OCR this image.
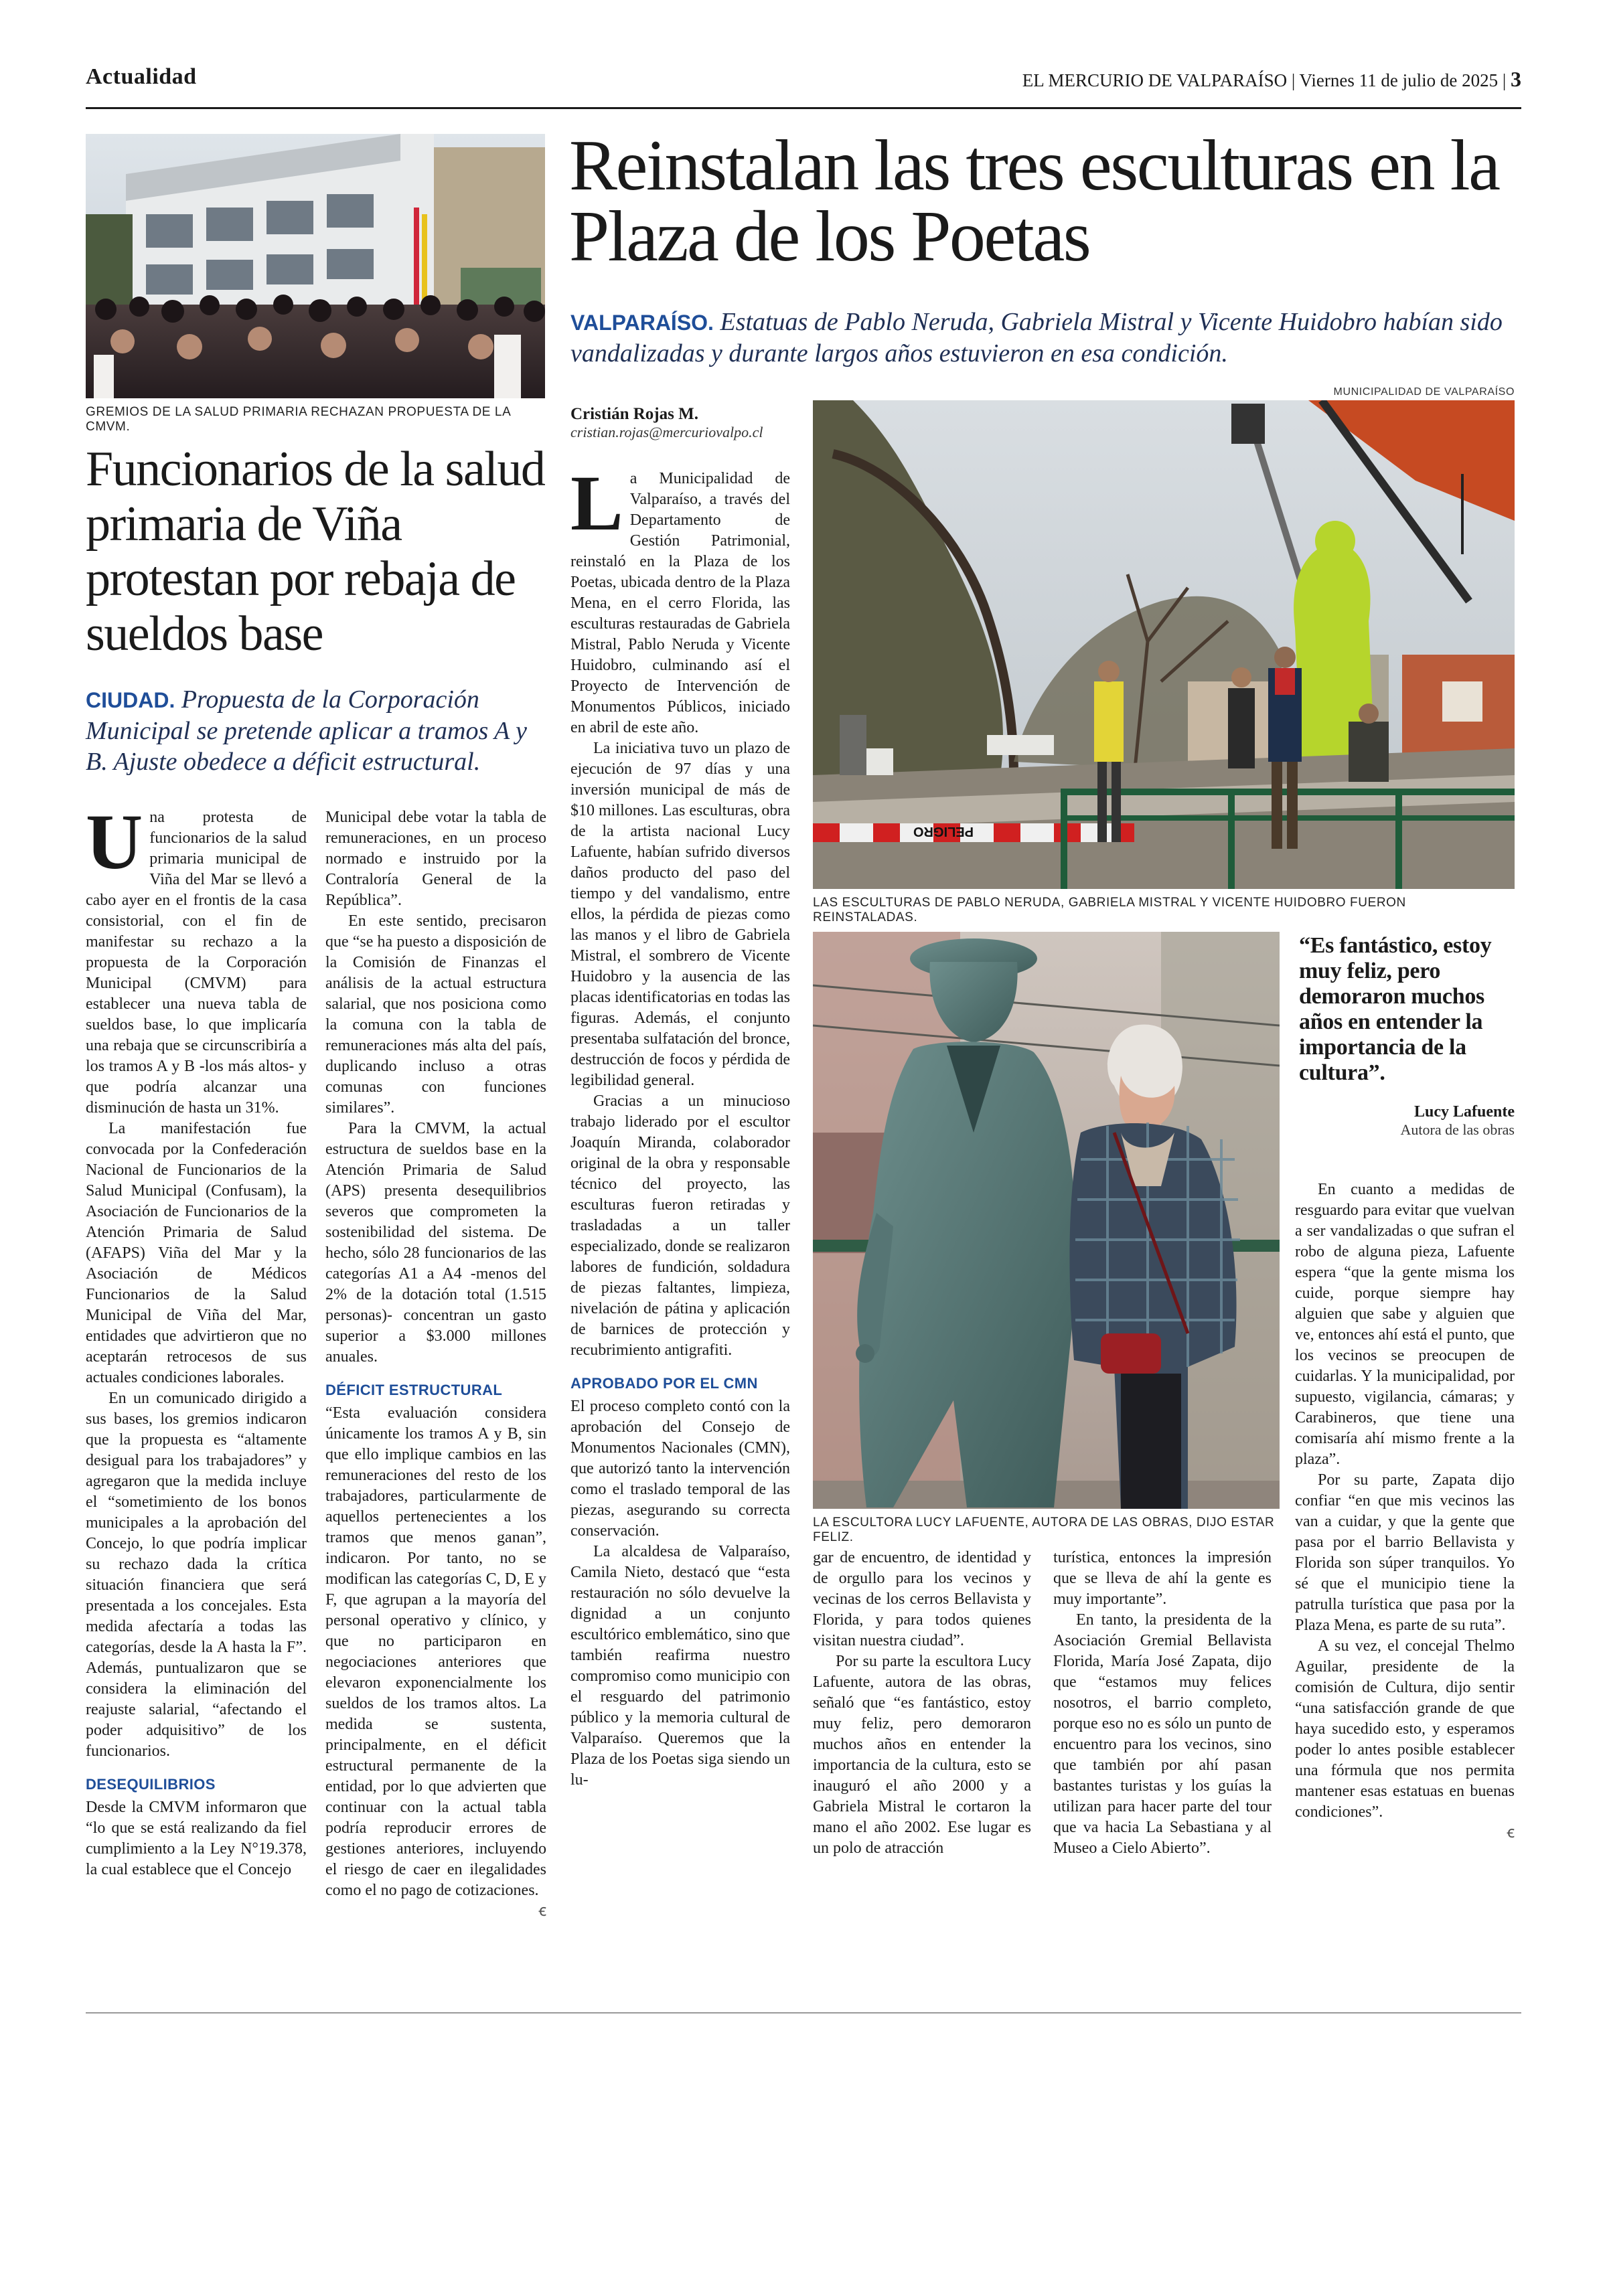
Actualidad	EL MERCURIO DE VALPARAÍSO | Viernes 11 de julio de 2025 | 3
GREMIOS DE LA SALUD PRIMARIA RECHAZAN PROPUESTA DE LA CMVM.
Funcionarios de la salud primaria de Viña protestan por rebaja de sueldos base
CIUDAD. Propuesta de la Corporación Municipal se pretende aplicar a tramos A y B. Ajuste obedece a déficit estructural.

Una protesta de funcionarios de la salud primaria municipal de Viña del Mar se llevó a cabo ayer en el frontis de la casa consistorial, con el fin de manifestar su rechazo a la propuesta de la Corporación Municipal (CMVM) para establecer una nueva tabla de sueldos base, lo que implicaría una rebaja que se circunscribiría a los tramos A y B -los más altos- y que podría alcanzar una disminución de hasta un 31%.

La manifestación fue convocada por la Confederación Nacional de Funcionarios de la Salud Municipal (Confusam), la Asociación de Funcionarios de la Atención Primaria de Salud (AFAPS) Viña del Mar y la Asociación de Médicos Funcionarios de la Salud Municipal de Viña del Mar, entidades que advirtieron que no aceptarán retrocesos de sus actuales condiciones laborales.

En un comunicado dirigido a sus bases, los gremios indicaron que la propuesta es “altamente desigual para los trabajadores” y agregaron que la medida incluye el “sometimiento de los bonos municipales a la aprobación del Concejo, lo que podría implicar su rechazo dada la crítica situación financiera que será presentada a los concejales. Esta medida afectaría a todas las categorías, desde la A hasta la F”. Además, puntualizaron que se considera la eliminación del reajuste salarial, “afectando el poder adquisitivo” de los funcionarios.

DESEQUILIBRIOS

Desde la CMVM informaron que “lo que se está realizando da fiel cumplimiento a la Ley N°19.378, la cual establece que el Concejo

Municipal debe votar la tabla de remuneraciones, en un proceso normado e instruido por la Contraloría General de la República”.

En este sentido, precisaron que “se ha puesto a disposición de la Comisión de Finanzas el análisis de la actual estructura salarial, que nos posiciona como la comuna con la tabla de remuneraciones más alta del país, duplicando incluso a otras comunas con funciones similares”.

Para la CMVM, la actual estructura de sueldos base en la Atención Primaria de Salud (APS) presenta desequilibrios severos que comprometen la sostenibilidad del sistema. De hecho, sólo 28 funcionarios de las categorías A1 a A4 -menos del 2% de la dotación total (1.515 personas)- concentran un gasto superior a $3.000 millones anuales.

DÉFICIT ESTRUCTURAL

“Esta evaluación considera únicamente los tramos A y B, sin que ello implique cambios en las remuneraciones del resto de los trabajadores, particularmente de aquellos pertenecientes a los tramos que menos ganan”, indicaron. Por tanto, no se modifican las categorías C, D, E y F, que agrupan a la mayoría del personal operativo y clínico, y que no participaron en negociaciones anteriores que elevaron exponencialmente los sueldos de los tramos altos. La medida se sustenta, principalmente, en el déficit estructural permanente de la entidad, por lo que advierten que continuar con la actual tabla podría reproducir errores de gestiones anteriores, incluyendo el riesgo de caer en ilegalidades como el no pago de cotizaciones.

ꞓ
Reinstalan las tres esculturas en la Plaza de los Poetas
VALPARAÍSO. Estatuas de Pablo Neruda, Gabriela Mistral y Vicente Huidobro habían sido vandalizadas y durante largos años estuvieron en esa condición.
Cristián Rojas M.
cristian.rojas@mercuriovalpo.cl
MUNICIPALIDAD DE VALPARAÍSO
PELIGRO
LAS ESCULTURAS DE PABLO NERUDA, GABRIELA MISTRAL Y VICENTE HUIDOBRO FUERON REINSTALADAS.
LA ESCULTORA LUCY LAFUENTE, AUTORA DE LAS OBRAS, DIJO ESTAR FELIZ.
“Es fantástico, estoy muy feliz, pero demoraron muchos años en entender la importancia de la cultura”.
Lucy Lafuente
Autora de las obras

La Municipalidad de Valparaíso, a través del Departamento de Gestión Patrimonial, reinstaló en la Plaza de los Poetas, ubicada dentro de la Plaza Mena, en el cerro Florida, las esculturas restauradas de Gabriela Mistral, Pablo Neruda y Vicente Huidobro, culminando así el Proyecto de Intervención de Monumentos Públicos, iniciado en abril de este año.

La iniciativa tuvo un plazo de ejecución de 97 días y una inversión municipal de más de $10 millones. Las esculturas, obra de la artista nacional Lucy Lafuente, habían sufrido diversos daños producto del paso del tiempo y del vandalismo, entre ellos, la pérdida de piezas como las manos y el libro de Gabriela Mistral, el sombrero de Vicente Huidobro y la ausencia de las placas identificatorias en todas las figuras. Además, el conjunto presentaba sulfatación del bronce, destrucción de focos y pérdida de legibilidad general.

Gracias a un minucioso trabajo liderado por el escultor Joaquín Miranda, colaborador original de la obra y responsable técnico del proyecto, las esculturas fueron retiradas y trasladadas a un taller especializado, donde se realizaron labores de fundición, soldadura de piezas faltantes, limpieza, nivelación de pátina y aplicación de barnices de protección y recubrimiento antigrafiti.

APROBADO POR EL CMN

El proceso completo contó con la aprobación del Consejo de Monumentos Nacionales (CMN), que autorizó tanto la intervención como el traslado temporal de las piezas, asegurando su correcta conservación.

La alcaldesa de Valparaíso, Camila Nieto, destacó que “esta restauración no sólo devuelve la dignidad a un conjunto escultórico emblemático, sino que también reafirma nuestro compromiso como municipio con el resguardo del patrimonio público y la memoria cultural de Valparaíso. Queremos que la Plaza de los Poetas siga siendo un lu-

gar de encuentro, de identidad y de orgullo para los vecinos y vecinas de los cerros Bellavista y Florida, y para todos quienes visitan nuestra ciudad”.

Por su parte la escultora Lucy Lafuente, autora de las obras, señaló que “es fantástico, estoy muy feliz, pero demoraron muchos años en entender la importancia de la cultura, esto se inauguró el año 2000 y a Gabriela Mistral le cortaron la mano el año 2002. Ese lugar es un polo de atracción

turística, entonces la impresión que se lleva de ahí la gente es muy importante”.

En tanto, la presidenta de la Asociación Gremial Bellavista Florida, María José Zapata, dijo que “estamos muy felices nosotros, el barrio completo, porque eso no es sólo un punto de encuentro para los vecinos, sino que también por ahí pasan bastantes turistas y los guías la utilizan para hacer parte del tour que va hacia La Sebastiana y al Museo a Cielo Abierto”.

En cuanto a medidas de resguardo para evitar que vuelvan a ser vandalizadas o que sufran el robo de alguna pieza, Lafuente espera “que la gente misma los cuide, porque siempre hay alguien que sabe y alguien que ve, entonces ahí está el punto, que los vecinos se preocupen de cuidarlas. Y la municipalidad, por supuesto, vigilancia, cámaras; y Carabineros, que tiene una comisaría ahí mismo frente a la plaza”.

Por su parte, Zapata dijo confiar “en que mis vecinos las van a cuidar, y que la gente que pasa por el barrio Bellavista y Florida son súper tranquilos. Yo sé que el municipio tiene la patrulla turística que pasa por la Plaza Mena, es parte de su ruta”.

A su vez, el concejal Thelmo Aguilar, presidente de la comisión de Cultura, dijo sentir “una satisfacción grande de que haya sucedido esto, y esperamos poder lo antes posible establecer una fórmula que nos permita mantener esas estatuas en buenas condiciones”.

ꞓ
